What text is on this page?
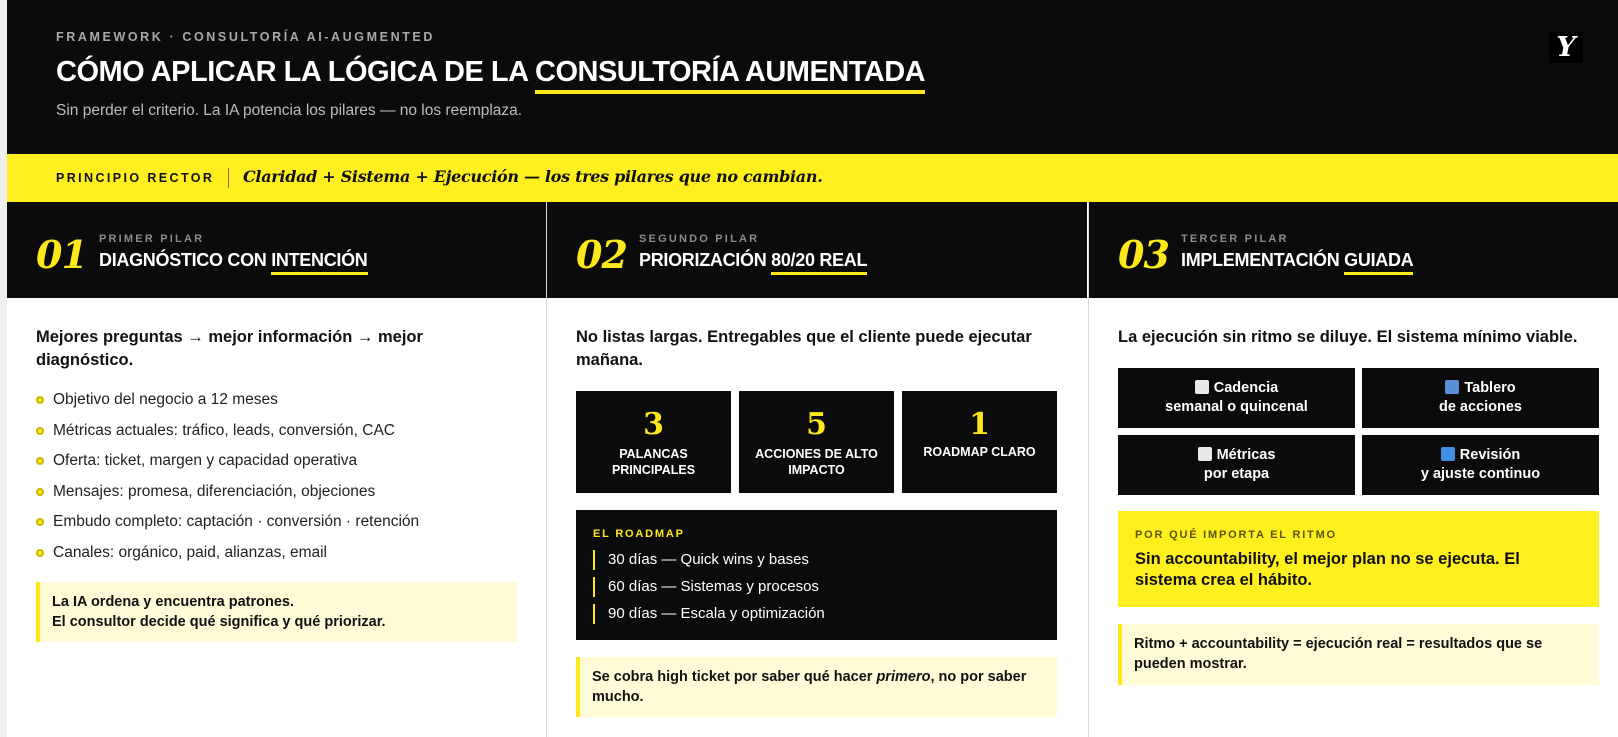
FRAMEWORK · CONSULTORÍA AI-AUGMENTED
CÓMO APLICAR LA LÓGICA DE LA CONSULTORÍA AUMENTADA
Sin perder el criterio. La IA potencia los pilares — no los reemplaza.
Y
PRINCIPIO RECTOR Claridad + Sistema + Ejecución — los tres pilares que no cambian.
01 PRIMER PILAR
DIAGNÓSTICO CON INTENCIÓN
Mejores preguntas → mejor información → mejor diagnóstico.
Objetivo del negocio a 12 meses
Métricas actuales: tráfico, leads, conversión, CAC
Oferta: ticket, margen y capacidad operativa
Mensajes: promesa, diferenciación, objeciones
Embudo completo: captación · conversión · retención
Canales: orgánico, paid, alianzas, email
La IA ordena y encuentra patrones.
El consultor decide qué significa y qué priorizar.
02 SEGUNDO PILAR
PRIORIZACIÓN 80/20 REAL
No listas largas. Entregables que el cliente puede ejecutar mañana.
3
PALANCAS PRINCIPALES
5
ACCIONES DE ALTO IMPACTO
1
ROADMAP CLARO
EL ROADMAP
30 días — Quick wins y bases
60 días — Sistemas y procesos
90 días — Escala y optimización
Se cobra high ticket por saber qué hacer primero, no por saber mucho.
03 TERCER PILAR
IMPLEMENTACIÓN GUIADA
La ejecución sin ritmo se diluye. El sistema mínimo viable.
Cadencia
semanal o quincenal
Tablero
de acciones
Métricas
por etapa
Revisión
y ajuste continuo
POR QUÉ IMPORTA EL RITMO
Sin accountability, el mejor plan no se ejecuta. El sistema crea el hábito.
Ritmo + accountability = ejecución real = resultados que se pueden mostrar.
